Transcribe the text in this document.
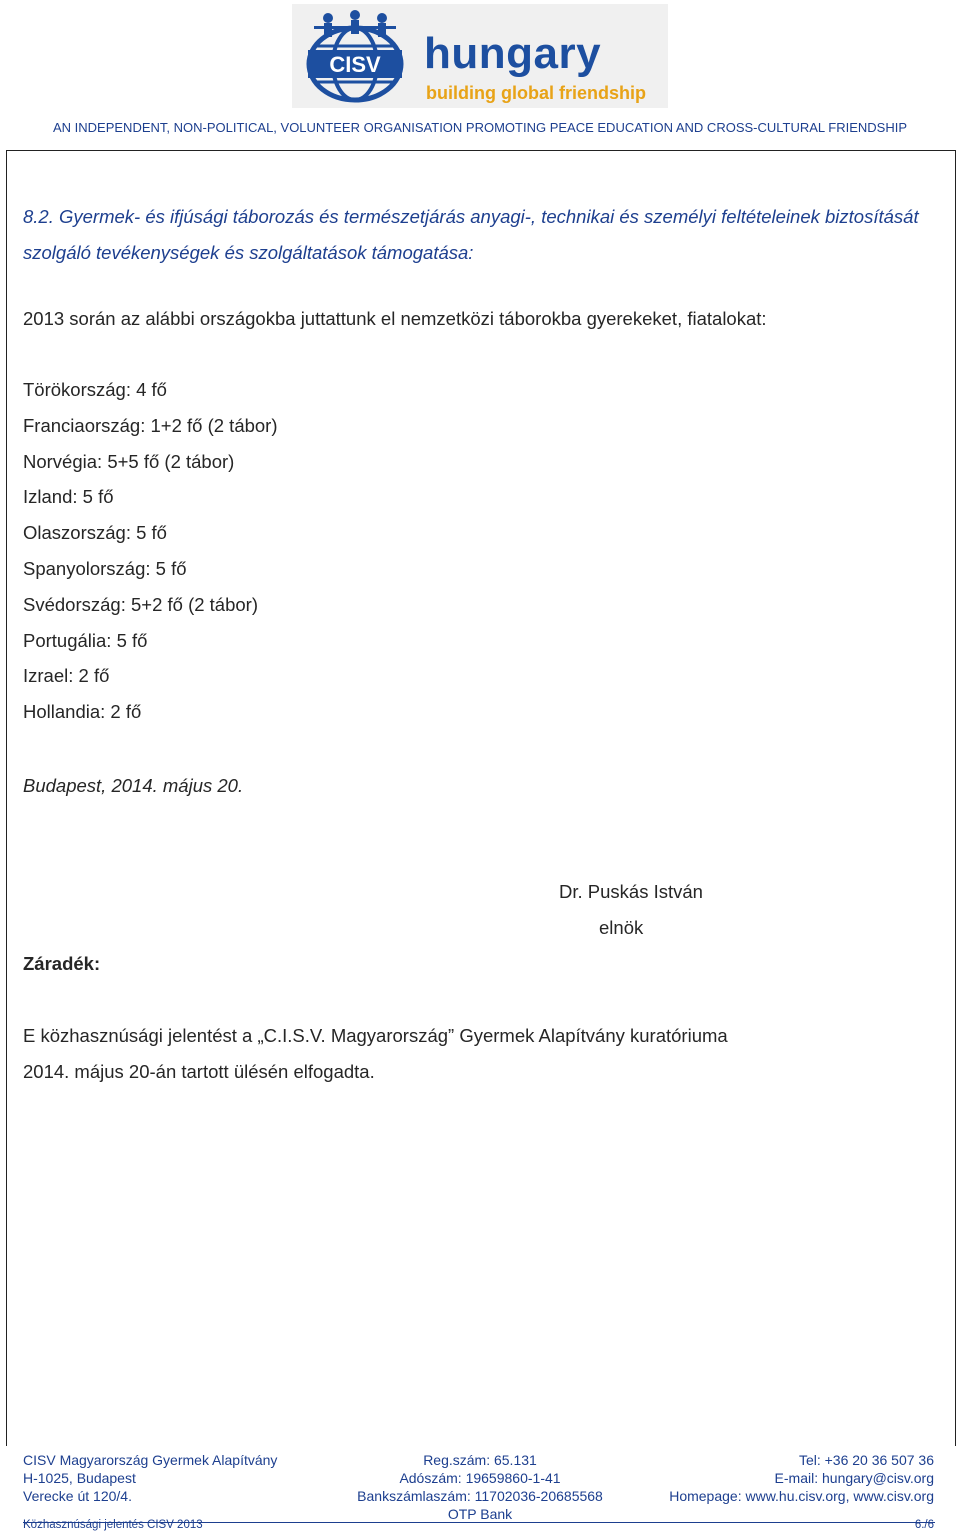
CISV hungary
building global friendship
AN INDEPENDENT, NON-POLITICAL, VOLUNTEER ORGANISATION PROMOTING PEACE EDUCATION AND CROSS-CULTURAL FRIENDSHIP

8.2. Gyermek- és ifjúsági táborozás és természetjárás anyagi-, technikai és személyi feltételeinek biztosítását szolgáló tevékenységek és szolgáltatások támogatása:

2013 során az alábbi országokba juttattunk el nemzetközi táborokba gyerekeket, fiatalokat:

Törökország: 4 fő
Franciaország: 1+2 fő (2 tábor)
Norvégia: 5+5 fő (2 tábor)
Izland: 5 fő
Olaszország: 5 fő
Spanyolország: 5 fő
Svédország: 5+2 fő (2 tábor)
Portugália: 5 fő
Izrael: 2 fő
Hollandia: 2 fő

Budapest, 2014. május 20.

Dr. Puskás István
elnök
Záradék:

E közhasznúsági jelentést a „C.I.S.V. Magyarország” Gyermek Alapítvány kuratóriuma 2014. május 20-án tartott ülésén elfogadta.

CISV Magyarország Gyermek Alapítvány
H-1025, Budapest
Verecke út 120/4.
Reg.szám: 65.131
Adószám: 19659860-1-41
Bankszámlaszám: 11702036-20685568
OTP Bank
Tel: +36 20 36 507 36
E-mail: hungary@cisv.org
Homepage: www.hu.cisv.org, www.cisv.org
Közhasznúsági jelentés CISV 2013	6./6
